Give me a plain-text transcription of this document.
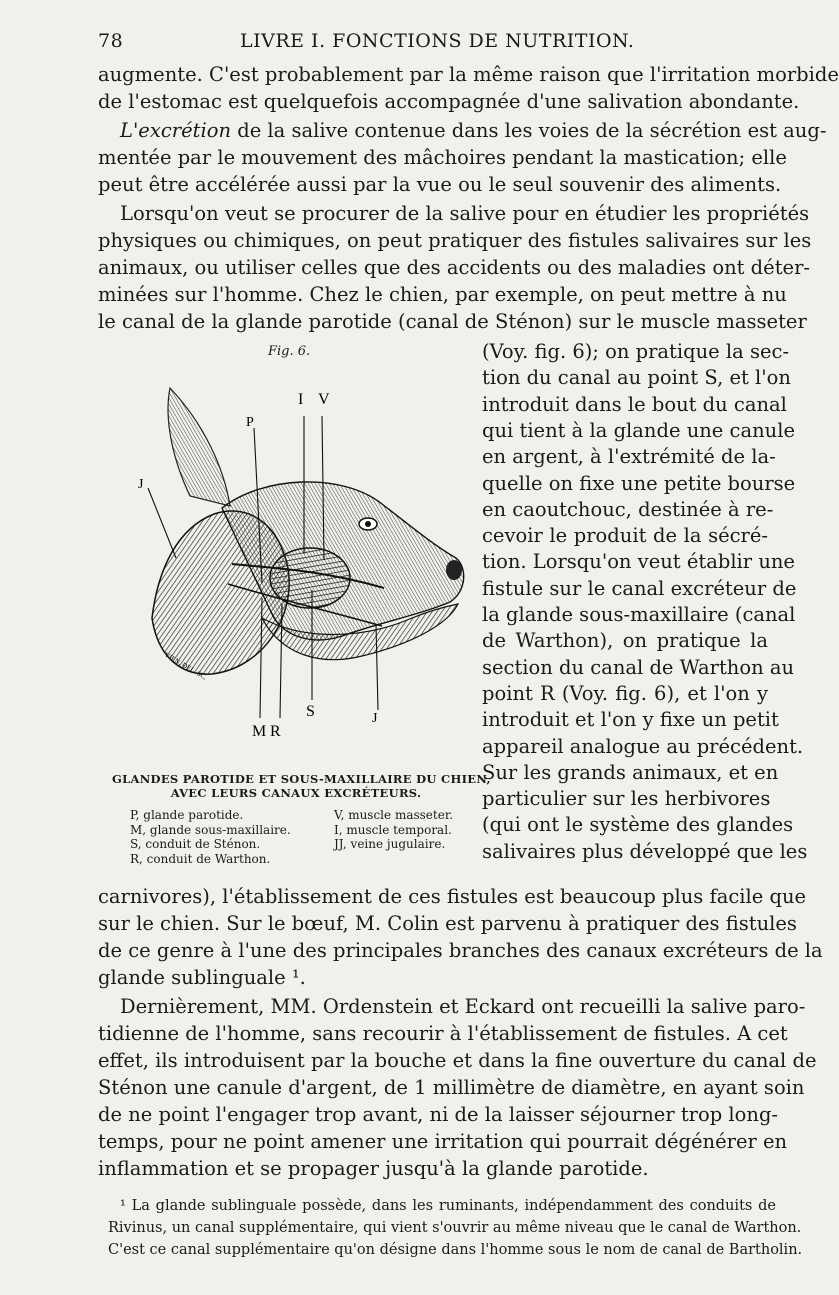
78	LIVRE I. FONCTIONS DE NUTRITION.
augmente. C'est probablement par la même raison que l'irritation morbide
de l'estomac est quelquefois accompagnée d'une salivation abondante.
L'excrétion de la salive contenue dans les voies de la sécrétion est aug-
mentée par le mouvement des mâchoires pendant la mastication; elle
peut être accélérée aussi par la vue ou le seul souvenir des aliments.
Lorsqu'on veut se procurer de la salive pour en étudier les propriétés
physiques ou chimiques, on peut pratiquer des fistules salivaires sur les
animaux, ou utiliser celles que des accidents ou des maladies ont déter-
minées sur l'homme. Chez le chien, par exemple, on peut mettre à nu
le canal de la glande parotide (canal de Sténon) sur le muscle masseter
Fig. 6.	(Voy. fig. 6); on pratique la sec-
tion du canal au point S, et l'on
introduit dans le bout du canal
qui tient à la glande une canule
en argent, à l'extrémité de la-
quelle on fixe une petite bourse
en caoutchouc, destinée à re-
cevoir le produit de la sécré-
tion. Lorsqu'on veut établir une
fistule sur le canal excréteur de
la glande sous-maxillaire (canal
de Warthon), on pratique la
section du canal de Warthon au
point R (Voy. fig. 6), et l'on y
introduit et l'on y fixe un petit
appareil analogue au précédent.
Sur les grands animaux, et en
particulier sur les herbivores
(qui ont le système des glandes
salivaires plus développé que les
P
I V
J
M R
S	J
VIEN. DEL. SC.
GLANDES PAROTIDE ET SOUS-MAXILLAIRE DU CHIEN,
AVEC LEURS CANAUX EXCRÉTEURS.
P, glande parotide.
M, glande sous-maxillaire.
S, conduit de Sténon.
R, conduit de Warthon.
V, muscle masseter.
I, muscle temporal.
JJ, veine jugulaire.
carnivores), l'établissement de ces fistules est beaucoup plus facile que
sur le chien. Sur le bœuf, M. Colin est parvenu à pratiquer des fistules
de ce genre à l'une des principales branches des canaux excréteurs de la
glande sublinguale ¹.
Dernièrement, MM. Ordenstein et Eckard ont recueilli la salive paro-
tidienne de l'homme, sans recourir à l'établissement de fistules. A cet
effet, ils introduisent par la bouche et dans la fine ouverture du canal de
Sténon une canule d'argent, de 1 millimètre de diamètre, en ayant soin
de ne point l'engager trop avant, ni de la laisser séjourner trop long-
temps, pour ne point amener une irritation qui pourrait dégénérer en
inflammation et se propager jusqu'à la glande parotide.
¹ La glande sublinguale possède, dans les ruminants, indépendamment des conduits de
Rivinus, un canal supplémentaire, qui vient s'ouvrir au même niveau que le canal de Warthon.
C'est ce canal supplémentaire qu'on désigne dans l'homme sous le nom de canal de Bartholin.
